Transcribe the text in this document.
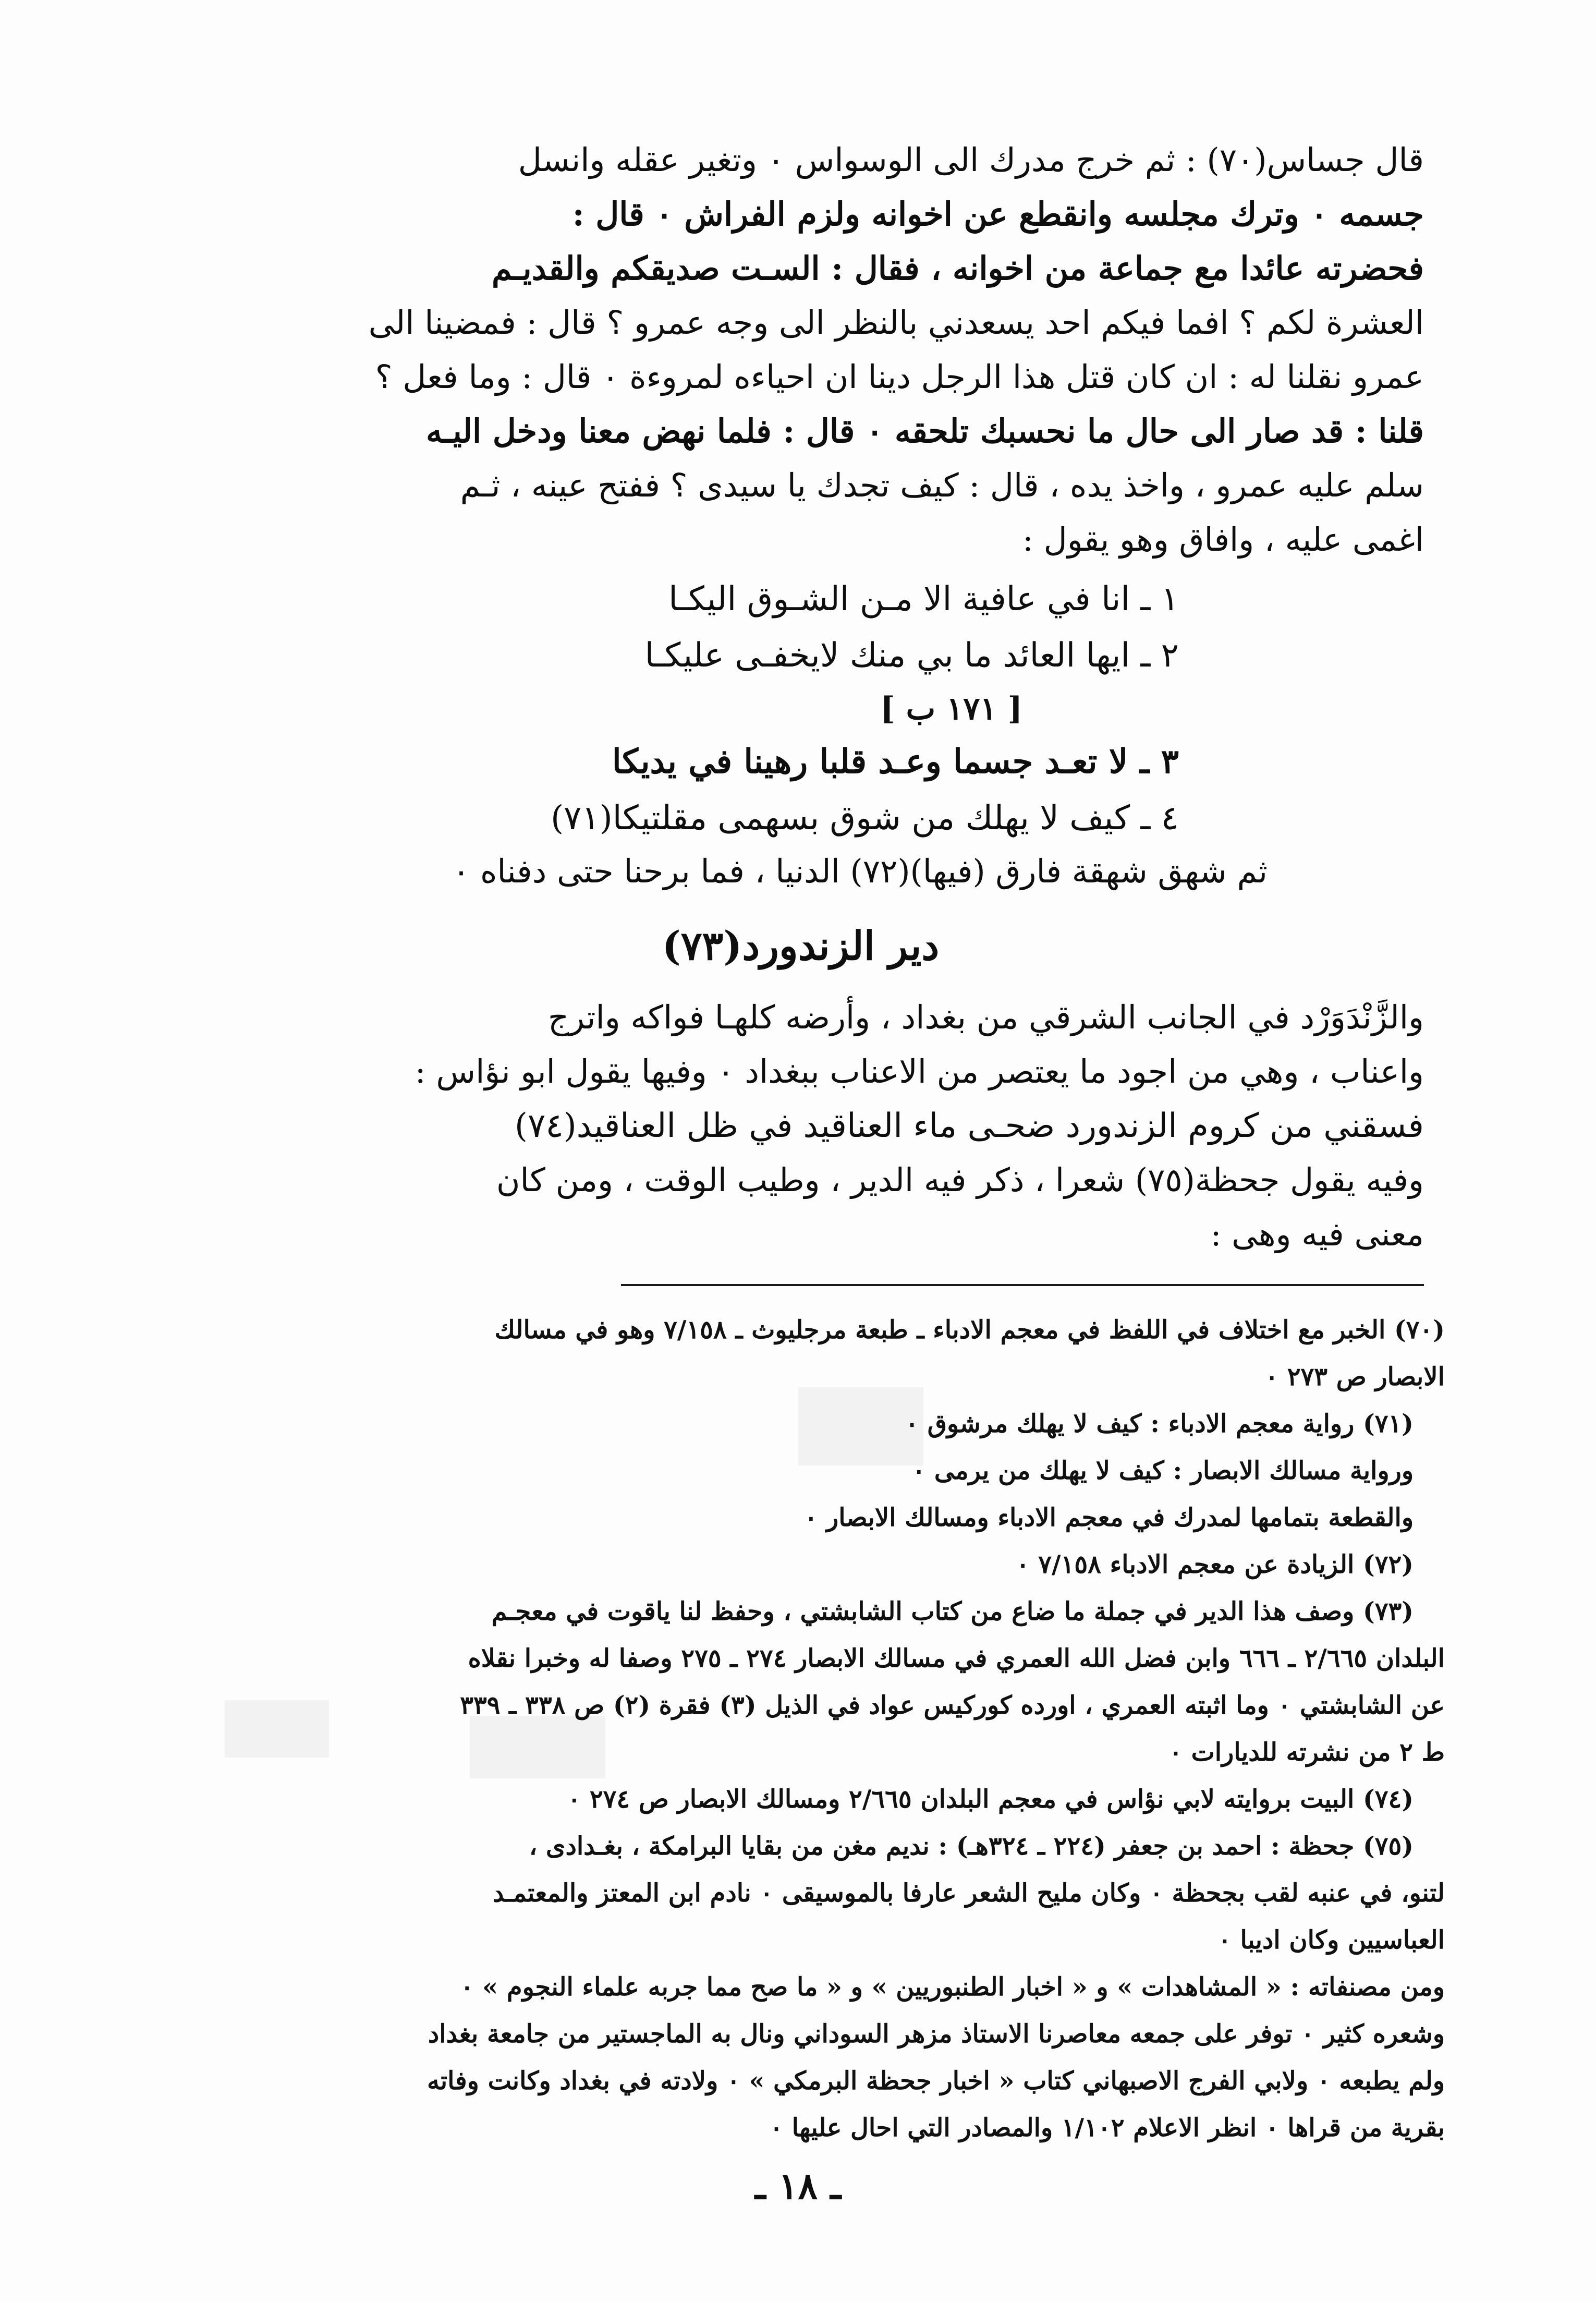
قال جساس(٧٠) : ثم خرج مدرك الى الوسواس ٠ وتغير عقله وانسل
جسمه ٠ وترك مجلسه وانقطع عن اخوانه ولزم الفراش ٠ قال :
فحضرته عائدا مع جماعة من اخوانه ، فقال : السـت صديقكم والقديـم
العشرة لكم ؟ افما فيكم احد يسعدني بالنظر الى وجه عمرو ؟ قال : فمضينا الى
عمرو نقلنا له : ان كان قتل هذا الرجل دينا ان احياءه لمروءة ٠ قال : وما فعل ؟
قلنا : قد صار الى حال ما نحسبك تلحقه ٠ قال : فلما نهض معنا ودخل اليـه
سلم عليه عمرو ، واخذ يده ، قال : كيف تجدك يا سيدى ؟ ففتح عينه ، ثـم
اغمى عليه ، وافاق وهو يقول :

١ ـ انا في عافية الا مـن الشـوق اليكـا
٢ ـ ايها العائد ما بي منك لايخفـى عليكـا
[ ١٧١ ب ]
٣ ـ لا تعـد جسما وعـد قلبا رهينا في يديكا
٤ ـ كيف لا يهلك من شوق بسهمى مقلتيكا(٧١)

ثم شهق شهقة فارق (فيها)(٧٢) الدنيا ، فما برحنا حتى دفناه ٠

دير الزندورد(٧٣)

والزَّنْدَوَرْد في الجانب الشرقي من بغداد ، وأرضه كلهـا فواكه واترج
واعناب ، وهي من اجود ما يعتصر من الاعناب ببغداد ٠ وفيها يقول ابو نؤاس :

فسقني من كروم الزندورد ضحـى ماء العناقيد في ظل العناقيد(٧٤)

وفيه يقول جحظة(٧٥) شعرا ، ذكر فيه الدير ، وطيب الوقت ، ومن كان
معنى فيه وهى :

(٧٠) الخبر مع اختلاف في اللفظ في معجم الادباء ـ طبعة مرجليوث ـ ٧/١٥٨ وهو في مسالك
الابصار ص ٢٧٣ ٠
(٧١) رواية معجم الادباء : كيف لا يهلك مرشوق ٠
ورواية مسالك الابصار : كيف لا يهلك من يرمى ٠
والقطعة بتمامها لمدرك في معجم الادباء ومسالك الابصار ٠
(٧٢) الزيادة عن معجم الادباء ٧/١٥٨ ٠
(٧٣) وصف هذا الدير في جملة ما ضاع من كتاب الشابشتي ، وحفظ لنا ياقوت في معجـم
البلدان ٢/٦٦٥ ـ ٦٦٦ وابن فضل الله العمري في مسالك الابصار ٢٧٤ ـ ٢٧٥ وصفا له وخبرا نقلاه
عن الشابشتي ٠ وما اثبته العمري ، اورده كوركيس عواد في الذيل (٣) فقرة (٢) ص ٣٣٨ ـ ٣٣٩
ط ٢ من نشرته للديارات ٠
(٧٤) البيت بروايته لابي نؤاس في معجم البلدان ٢/٦٦٥ ومسالك الابصار ص ٢٧٤ ٠
(٧٥) جحظة : احمد بن جعفر (٢٢٤ ـ ٣٢٤هـ) : نديم مغن من بقايا البرامكة ، بغـدادى ،
لتنو، في عنبه لقب بجحظة ٠ وكان مليح الشعر عارفا بالموسيقى ٠ نادم ابن المعتز والمعتمـد
العباسيين وكان اديبا ٠
ومن مصنفاته : « المشاهدات » و « اخبار الطنبوريين » و « ما صح مما جربه علماء النجوم » ٠
وشعره كثير ٠ توفر على جمعه معاصرنا الاستاذ مزهر السوداني ونال به الماجستير من جامعة بغداد
ولم يطبعه ٠ ولابي الفرج الاصبهاني كتاب « اخبار جحظة البرمكي » ٠ ولادته في بغداد وكانت وفاته
بقرية من قراها ٠ انظر الاعلام ١/١٠٢ والمصادر التي احال عليها ٠
ـ ١٨ ـ
